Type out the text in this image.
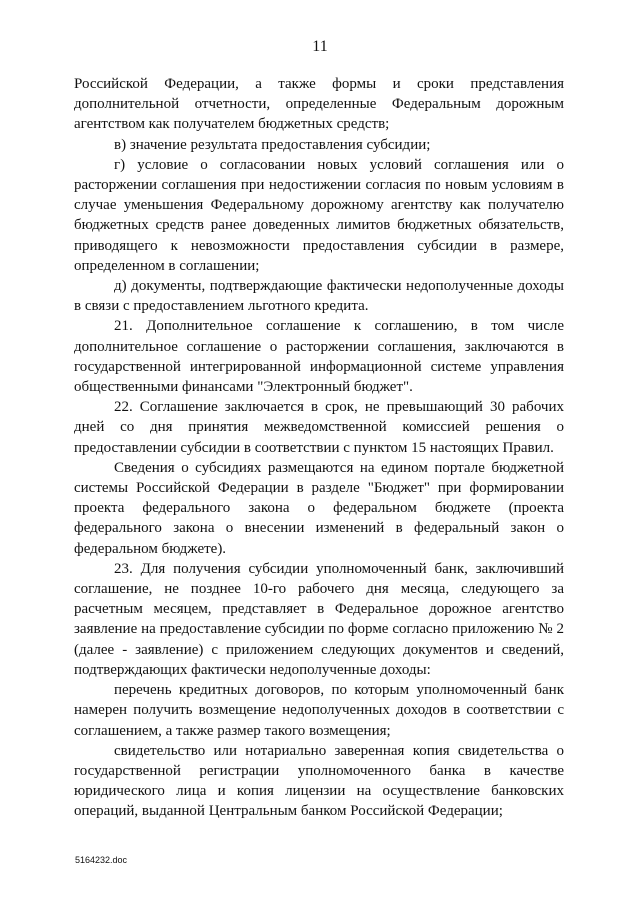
11

Российской Федерации, а также формы и сроки представления дополнительной отчетности, определенные Федеральным дорожным агентством как получателем бюджетных средств;

в) значение результата предоставления субсидии;

г) условие о согласовании новых условий соглашения или о расторжении соглашения при недостижении согласия по новым условиям в случае уменьшения Федеральному дорожному агентству как получателю бюджетных средств ранее доведенных лимитов бюджетных обязательств, приводящего к невозможности предоставления субсидии в размере, определенном в соглашении;

д) документы, подтверждающие фактически недополученные доходы в связи с предоставлением льготного кредита.

21. Дополнительное соглашение к соглашению, в том числе дополнительное соглашение о расторжении соглашения, заключаются в государственной интегрированной информационной системе управления общественными финансами "Электронный бюджет".

22. Соглашение заключается в срок, не превышающий 30 рабочих дней со дня принятия межведомственной комиссией решения о предоставлении субсидии в соответствии с пунктом 15 настоящих Правил.

Сведения о субсидиях размещаются на едином портале бюджетной системы Российской Федерации в разделе "Бюджет" при формировании проекта федерального закона о федеральном бюджете (проекта федерального закона о внесении изменений в федеральный закон о федеральном бюджете).

23. Для получения субсидии уполномоченный банк, заключивший соглашение, не позднее 10-го рабочего дня месяца, следующего за расчетным месяцем, представляет в Федеральное дорожное агентство заявление на предоставление субсидии по форме согласно приложению № 2 (далее - заявление) с приложением следующих документов и сведений, подтверждающих фактически недополученные доходы:

перечень кредитных договоров, по которым уполномоченный банк намерен получить возмещение недополученных доходов в соответствии с соглашением, а также размер такого возмещения;

свидетельство или нотариально заверенная копия свидетельства о государственной регистрации уполномоченного банка в качестве юридического лица и копия лицензии на осуществление банковских операций, выданной Центральным банком Российской Федерации;

5164232.doc
